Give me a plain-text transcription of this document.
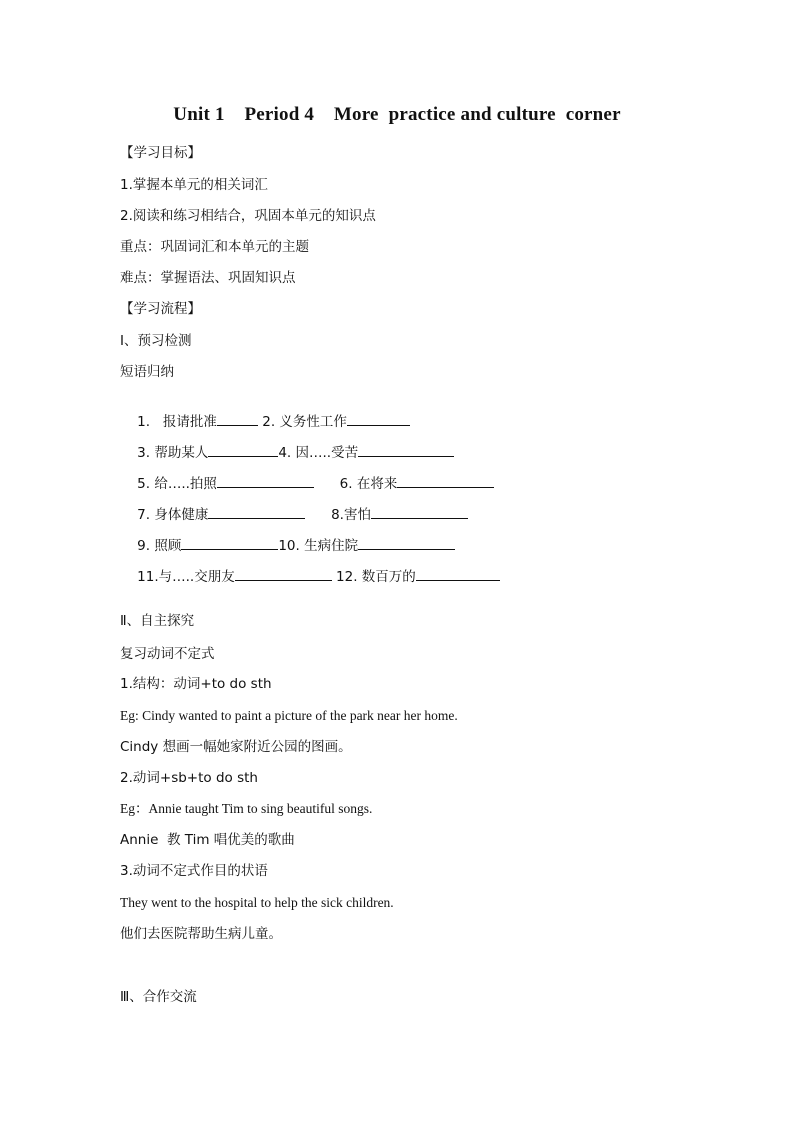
Unit 1    Period 4    More  practice and culture  corner
【学习目标】
1.掌握本单元的相关词汇
2.阅读和练习相结合，巩固本单元的知识点
重点：巩固词汇和本单元的主题
难点：掌握语法、巩固知识点
【学习流程】
Ⅰ、预习检测
短语归纳

1.   报请批准	2. 义务性工作

3. 帮助某人	4. 因…..受苦

5. 给…..拍照	6. 在将来

7. 身体健康	8.害怕

9. 照顾	10. 生病住院

11.与…..交朋友	12. 数百万的

Ⅱ、自主探究
复习动词不定式
1.结构：动词+to do sth
Eg: Cindy wanted to paint a picture of the park near her home.
Cindy 想画一幅她家附近公园的图画。
2.动词+sb+to do sth
Eg：Annie taught Tim to sing beautiful songs.
Annie  教 Tim 唱优美的歌曲
3.动词不定式作目的状语
They went to the hospital to help the sick children.
他们去医院帮助生病儿童。
Ⅲ、合作交流
